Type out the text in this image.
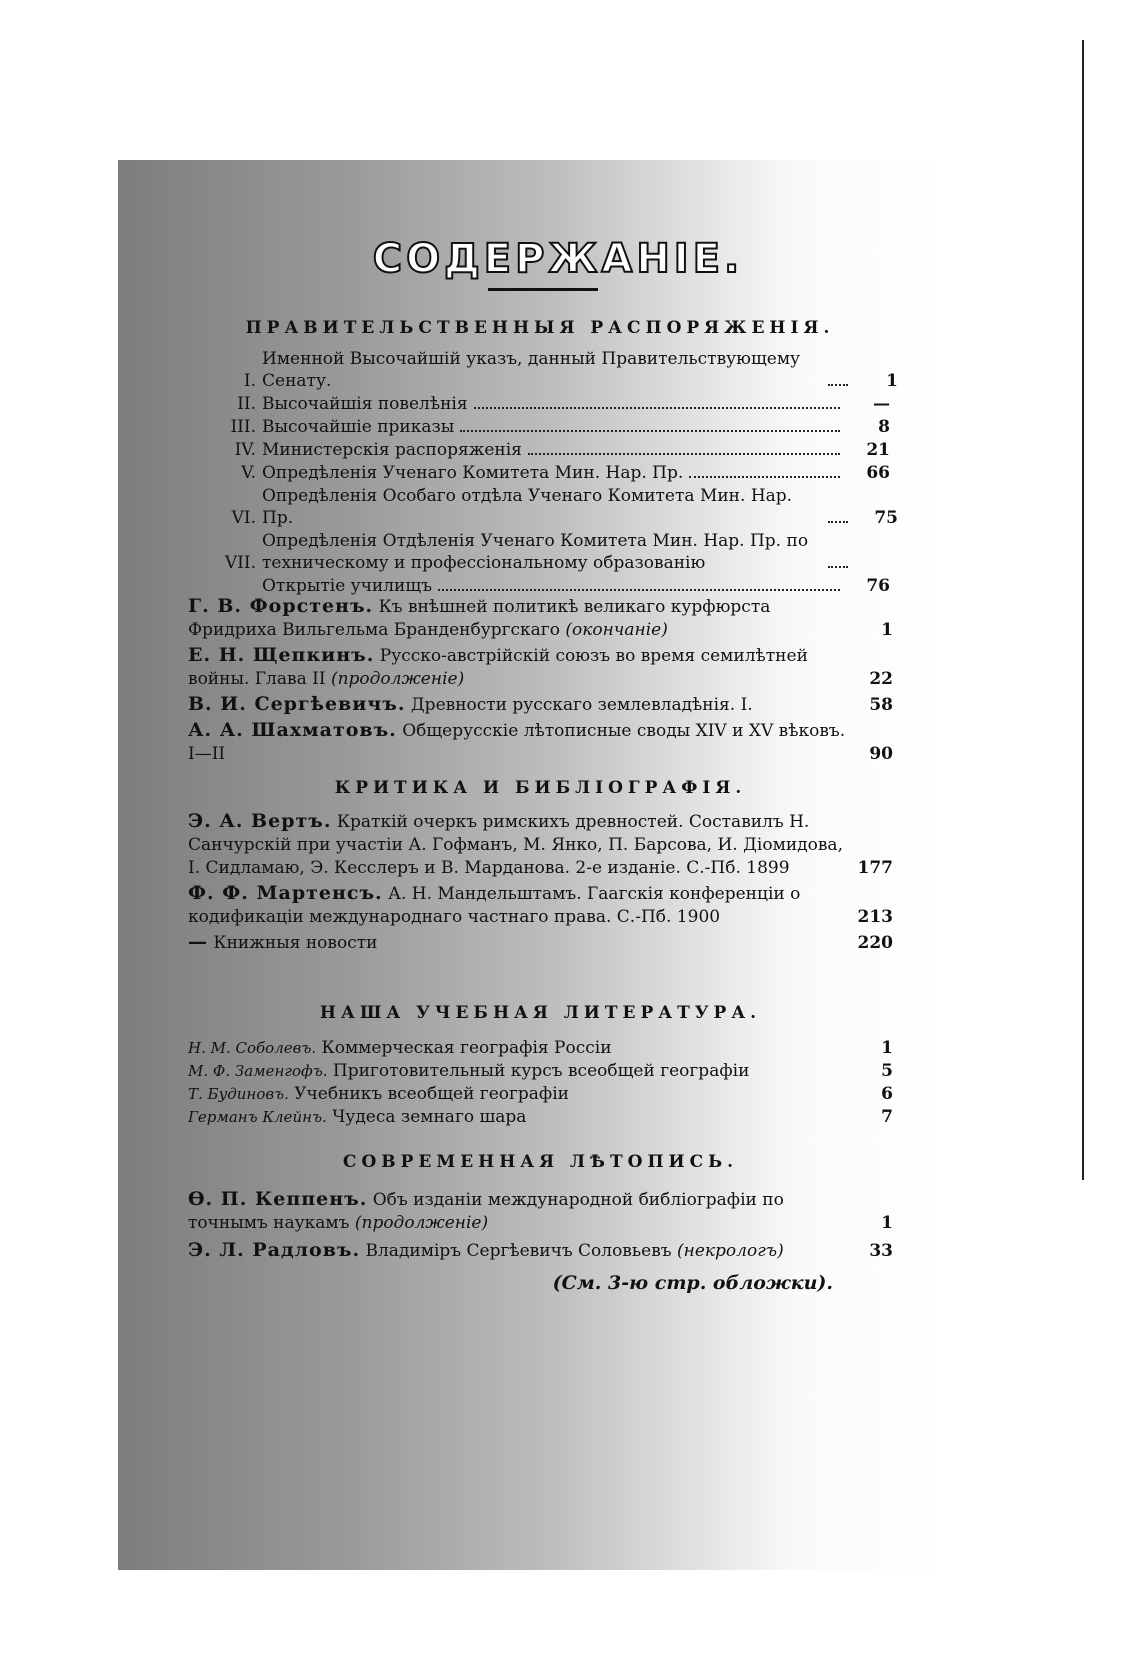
СОДЕРЖАНІЕ.

ПРАВИТЕЛЬСТВЕННЫЯ РАСПОРЯЖЕНІЯ.

I.
Именной Высочайшій указъ, данный Правительствующему Сенату.	1
II. Высочайшія повелѣнія	—
III. Высочайшіе приказы	8
IV. Министерскія распоряженія	21
V. Опредѣленія Ученаго Комитета Мин. Нар. Пр.	66
VI.
Опредѣленія Особаго отдѣла Ученаго Комитета Мин. Нар. Пр.	75
VII.
Опредѣленія Отдѣленія Ученаго Комитета Мин. Нар. Пр. по техническому и профессіональному образованію
Открытіе училищъ	76
Г. В. Форстенъ. Къ внѣшней политикѣ великаго курфюрста Фридриха Вильгельма Бранденбургскаго (окончаніе)	1
Е. Н. Щепкинъ. Русско-австрійскій союзъ во время семилѣтней войны. Глава II (продолженіе)	22
В. И. Сергѣевичъ. Древности русскаго землевладѣнія. I.	58
А. А. Шахматовъ. Общерусскіе лѣтописные своды XIV и XV вѣковъ. I—II	90

КРИТИКА И БИБЛІОГРАФІЯ.

Э. А. Вертъ. Краткій очеркъ римскихъ древностей. Составилъ Н. Санчурскій при участіи А. Гофманъ, М. Янко, П. Барсова, И. Діомидова, I. Сидламаю, Э. Кесслеръ и В. Марданова. 2-е изданіе. С.-Пб. 1899	177
Ф. Ф. Мартенсъ. А. Н. Мандельштамъ. Гаагскія конференціи о кодификаціи международнаго частнаго права. С.-Пб. 1900	213
— Книжныя новости	220

НАША УЧЕБНАЯ ЛИТЕРАТУРА.

Н. М. Соболевъ. Коммерческая географія Россіи	1
М. Ф. Заменгофъ. Приготовительный курсъ всеобщей географіи	5
Т. Будиновъ. Учебникъ всеобщей географіи	6
Германъ Клейнъ. Чудеса земнаго шара	7

СОВРЕМЕННАЯ ЛѢТОПИСЬ.

Ѳ. П. Кеппенъ. Объ изданіи международной библіографіи по точнымъ наукамъ (продолженіе)	1
Э. Л. Радловъ. Владиміръ Сергѣевичъ Соловьевъ (некрологъ)	33
(См. 3-ю стр. обложки).
